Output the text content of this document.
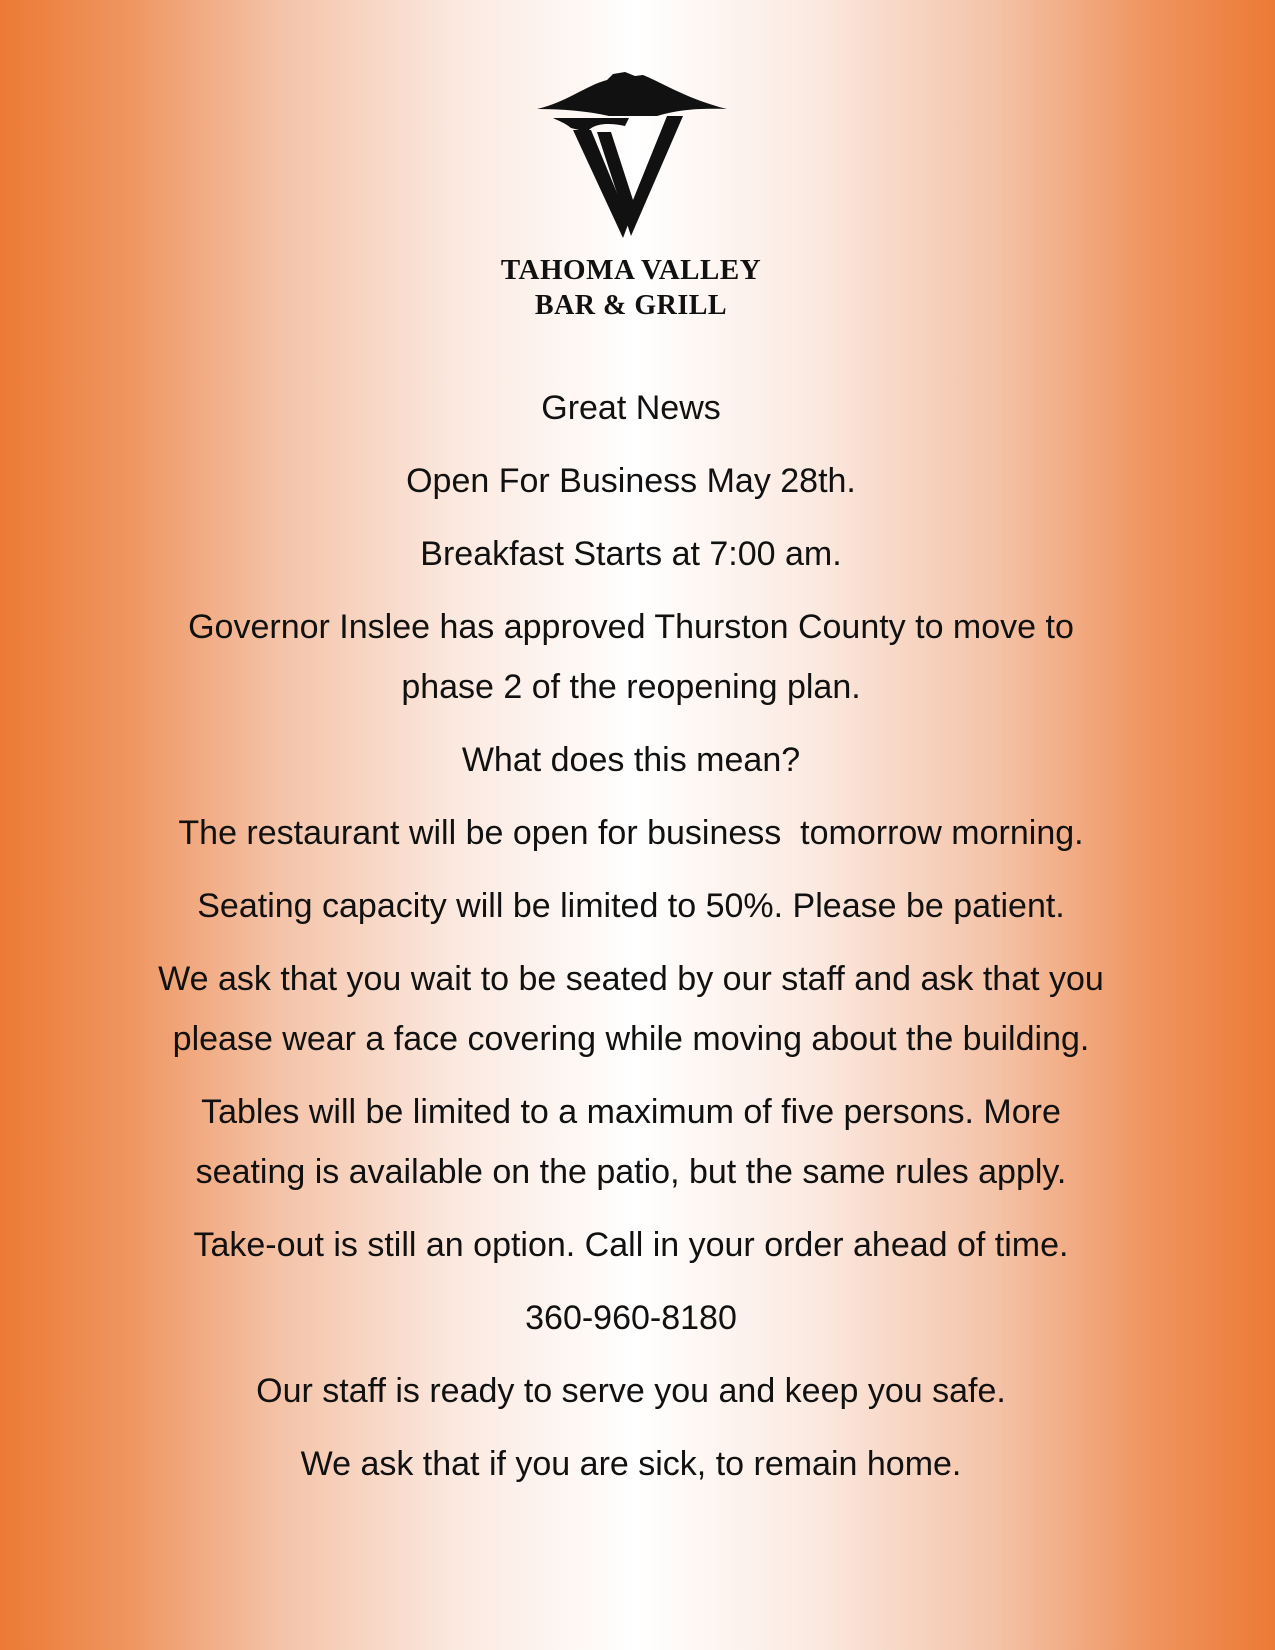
TAHOMA VALLEY
BAR & GRILL
Great News
Open For Business May 28th.
Breakfast Starts at 7:00 am.
Governor Inslee has approved Thurston County to move to
phase 2 of the reopening plan.
What does this mean?
The restaurant will be open for business  tomorrow morning.
Seating capacity will be limited to 50%. Please be patient.
We ask that you wait to be seated by our staff and ask that you
please wear a face covering while moving about the building.
Tables will be limited to a maximum of five persons. More
seating is available on the patio, but the same rules apply.
Take-out is still an option. Call in your order ahead of time.
360-960-8180
Our staff is ready to serve you and keep you safe.
We ask that if you are sick, to remain home.
